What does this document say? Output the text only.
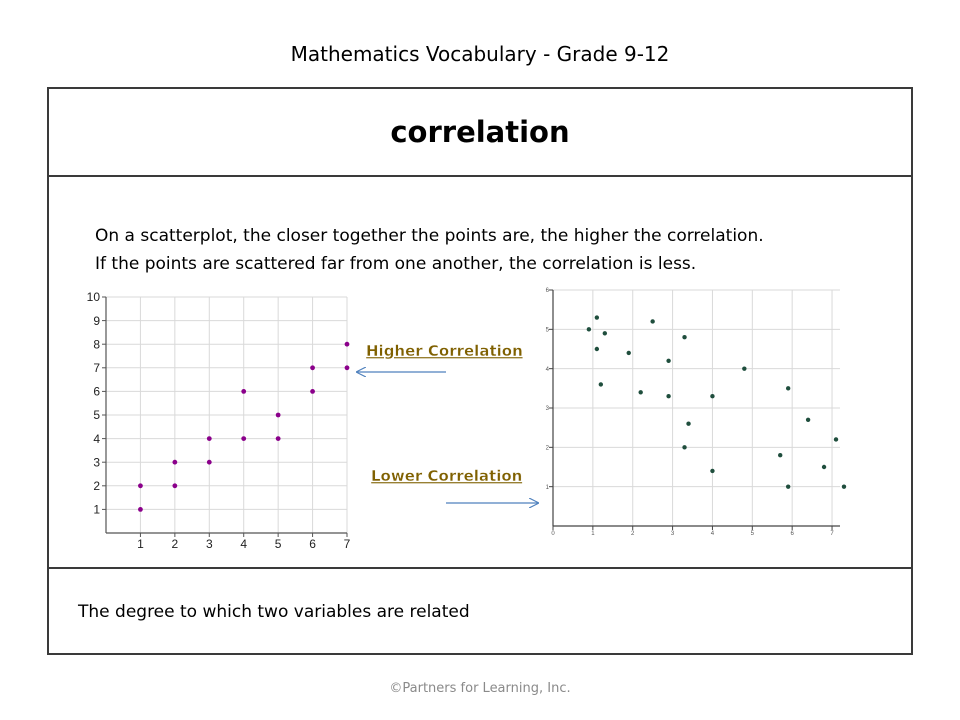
Mathematics Vocabulary - Grade 9-12
correlation
On a scatterplot, the closer together the points are, the higher the correlation.
If the points are scattered far from one another, the correlation is less.
The degree to which two variables are related
1 2 3 4 5 6 7
1
2
3
4
5
6
7
8
9
10
0	1	2	3	4	5	6	7
1
2
3
4
5
6
Higher Correlation
Lower Correlation
©Partners for Learning, Inc.
